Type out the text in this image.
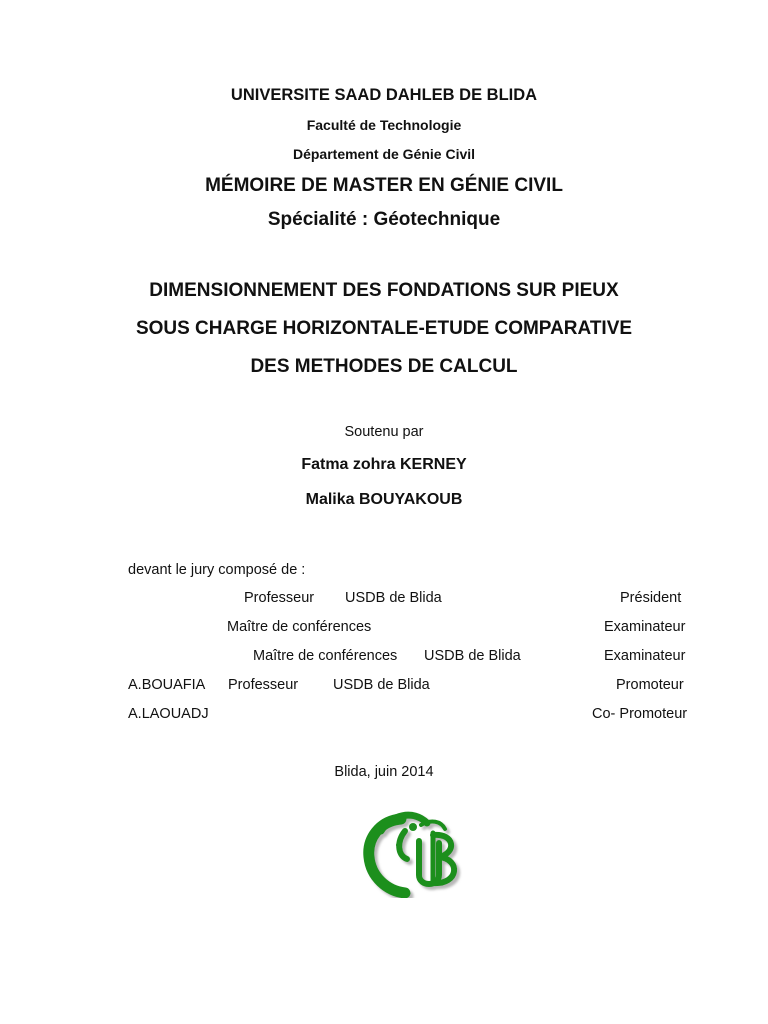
UNIVERSITE SAAD DAHLEB DE BLIDA
Faculté de Technologie
Département de Génie Civil
MÉMOIRE DE MASTER EN GÉNIE CIVIL
Spécialité : Géotechnique
DIMENSIONNEMENT DES FONDATIONS SUR PIEUX
SOUS CHARGE HORIZONTALE-ETUDE COMPARATIVE
DES METHODES DE CALCUL
Soutenu par
Fatma zohra KERNEY
Malika BOUYAKOUB
devant le jury composé de :
Professeur USDB de Blida	Président
Maître de conférences	Examinateur
Maître de conférences USDB de Blida	Examinateur
A.BOUAFIA Professeur USDB de Blida	Promoteur
A.LAOUADJ	Co- Promoteur
Blida, juin 2014
